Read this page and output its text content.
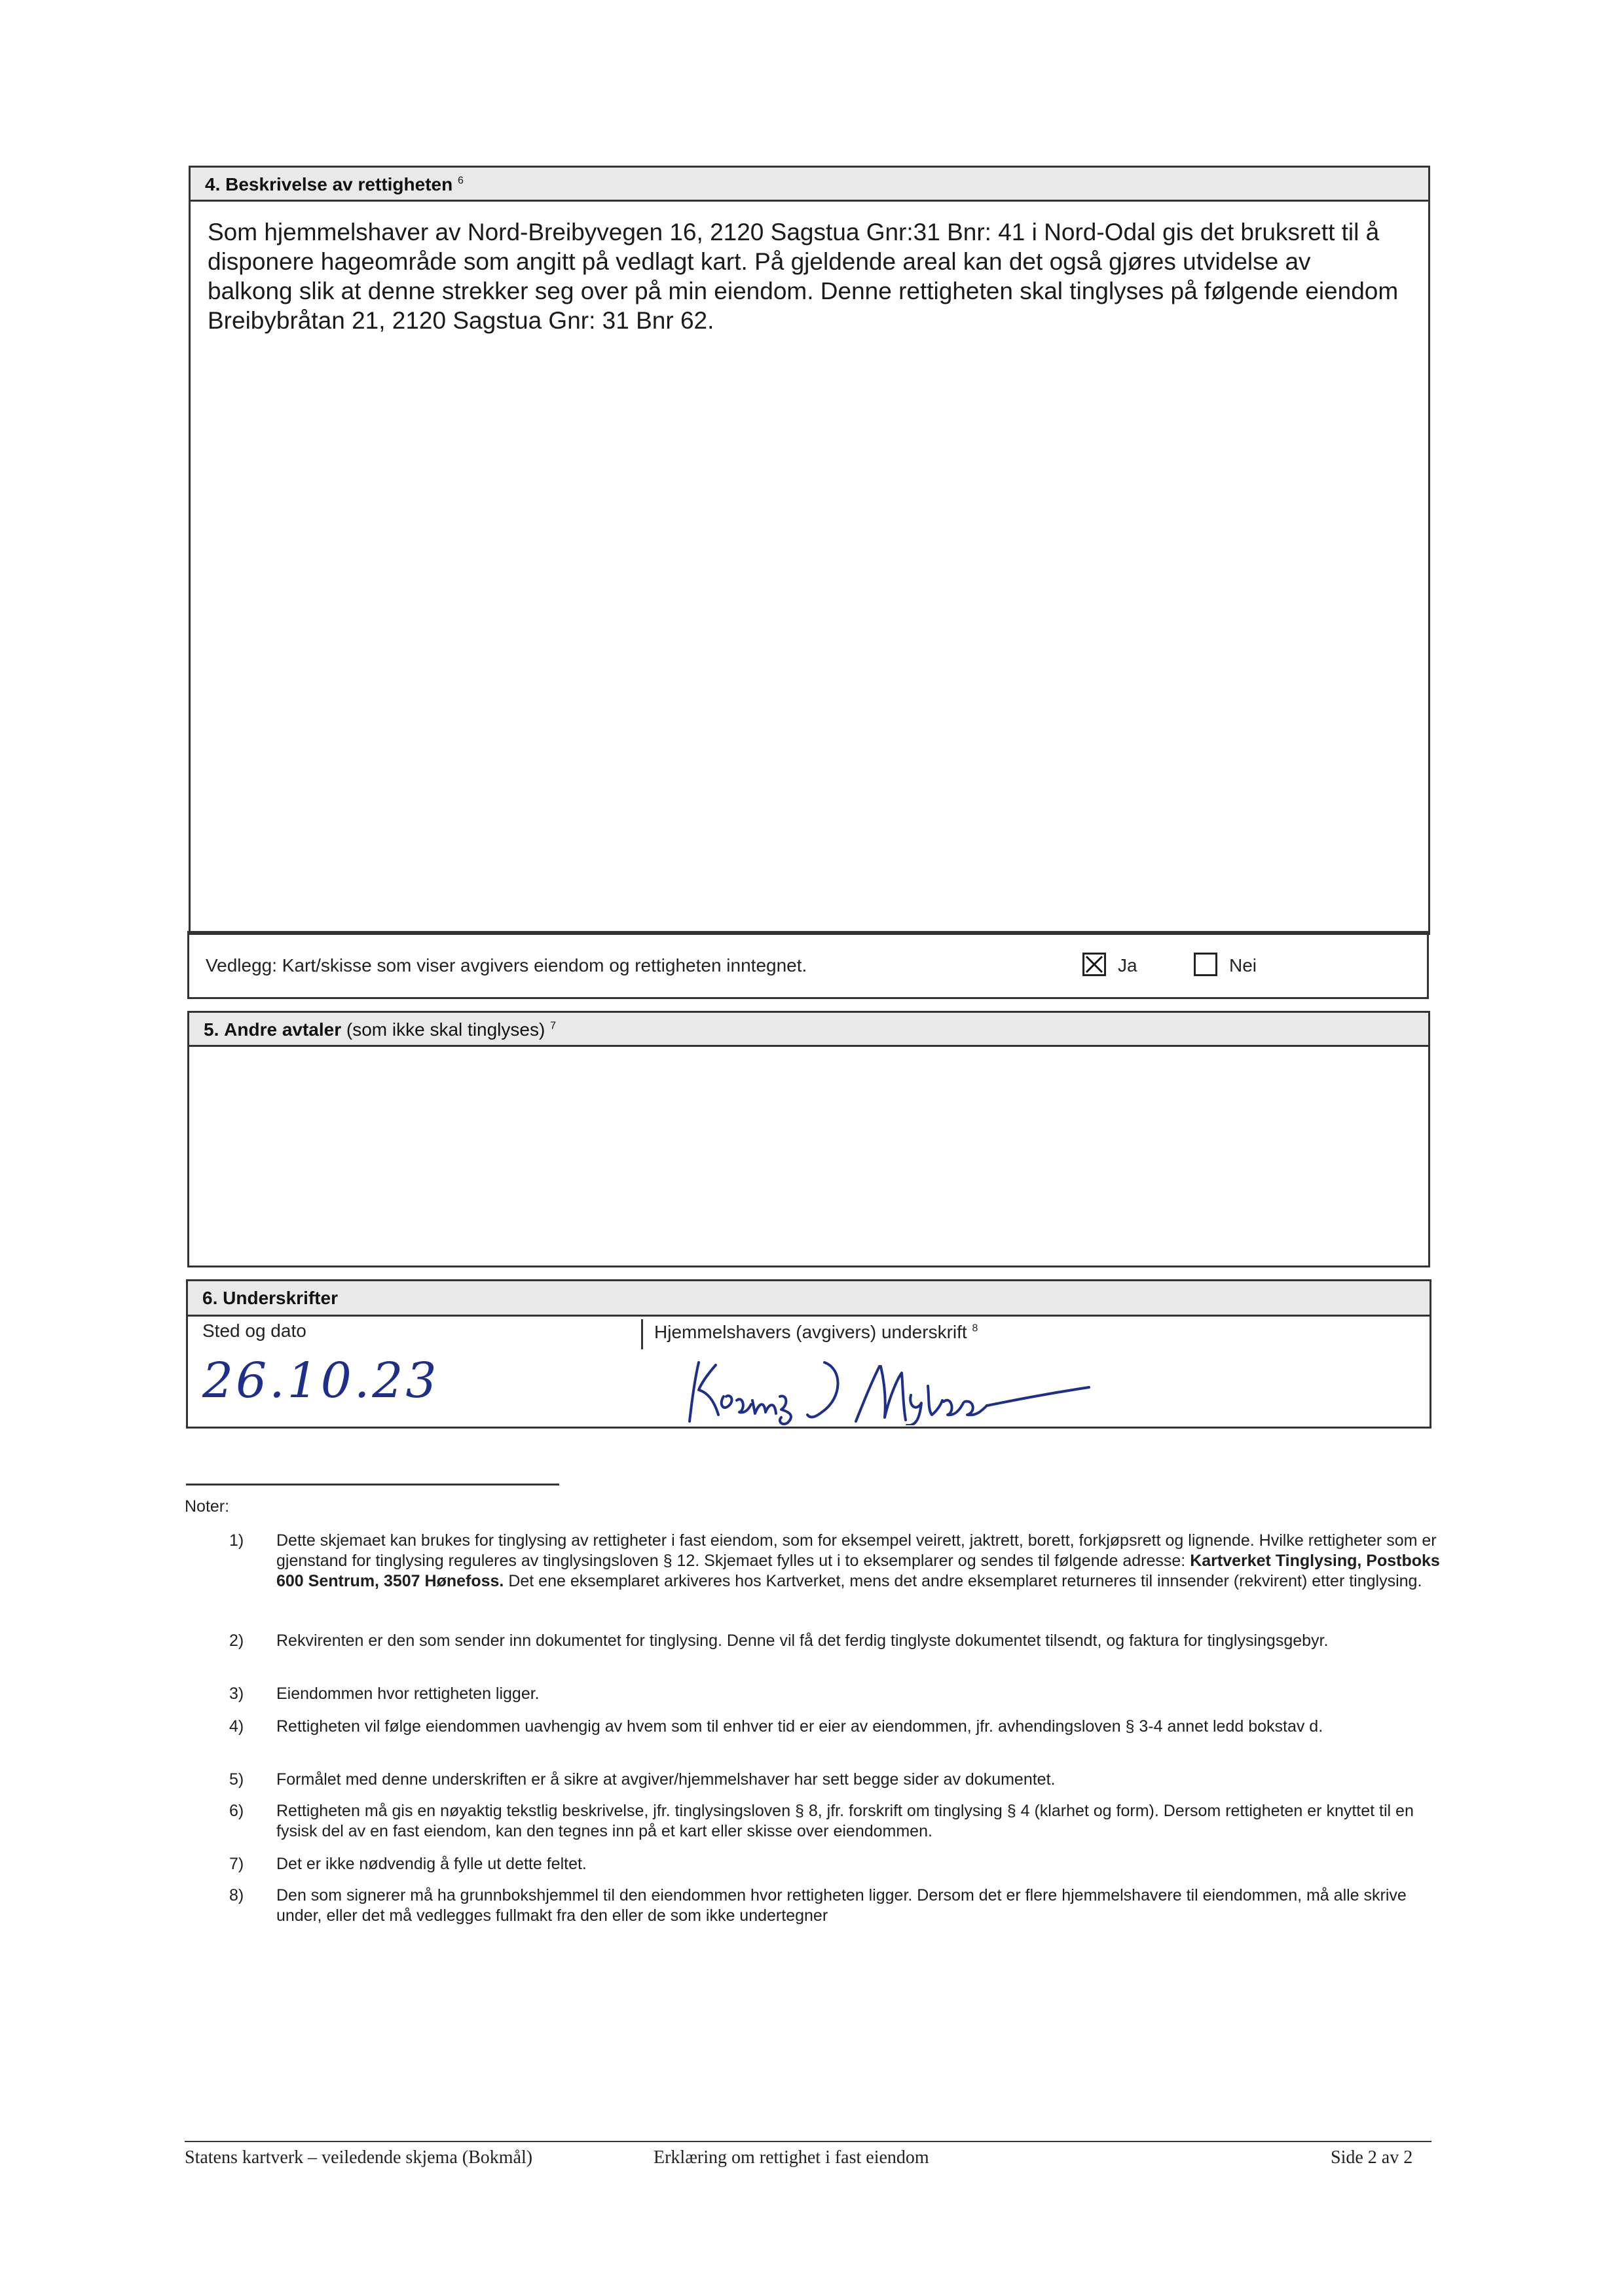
4. Beskrivelse av rettigheten $^6$
Som hjemmelshaver av Nord-Breibyvegen 16, 2120 Sagstua Gnr:31 Bnr: 41 i Nord-Odal gis det bruksrett til å disponere hageområde som angitt på vedlagt kart. På gjeldende areal kan det også gjøres utvidelse av balkong slik at denne strekker seg over på min eiendom. Denne rettigheten skal tinglyses på følgende eiendom Breibybråtan 21, 2120 Sagstua Gnr: 31 Bnr 62.
Vedlegg: Kart/skisse som viser avgivers eiendom og rettigheten inntegnet.	Ja	Nei
5. Andre avtaler (som ikke skal tinglyses) $^7$
6. Underskrifter
Sted og dato	Hjemmelshavers (avgivers) underskrift $^8$
26.10.23
Noter:
1)	Dette skjemaet kan brukes for tinglysing av rettigheter i fast eiendom, som for eksempel veirett, jaktrett, borett, forkjøpsrett og lignende. Hvilke rettigheter som er gjenstand for tinglysing reguleres av tinglysingsloven § 12. Skjemaet fylles ut i to eksemplarer og sendes til følgende adresse: Kartverket Tinglysing, Postboks 600 Sentrum, 3507 Hønefoss. Det ene eksemplaret arkiveres hos Kartverket, mens det andre eksemplaret returneres til innsender (rekvirent) etter tinglysing.
2)	Rekvirenten er den som sender inn dokumentet for tinglysing. Denne vil få det ferdig tinglyste dokumentet tilsendt, og faktura for tinglysingsgebyr.
3)	Eiendommen hvor rettigheten ligger.
4)	Rettigheten vil følge eiendommen uavhengig av hvem som til enhver tid er eier av eiendommen, jfr. avhendingsloven § 3-4 annet ledd bokstav d.
5)	Formålet med denne underskriften er å sikre at avgiver/hjemmelshaver har sett begge sider av dokumentet.
6)	Rettigheten må gis en nøyaktig tekstlig beskrivelse, jfr. tinglysingsloven § 8, jfr. forskrift om tinglysing § 4 (klarhet og form). Dersom rettigheten er knyttet til en fysisk del av en fast eiendom, kan den tegnes inn på et kart eller skisse over eiendommen.
7)	Det er ikke nødvendig å fylle ut dette feltet.
8)	Den som signerer må ha grunnbokshjemmel til den eiendommen hvor rettigheten ligger. Dersom det er flere hjemmelshavere til eiendommen, må alle skrive under, eller det må vedlegges fullmakt fra den eller de som ikke undertegner
Statens kartverk – veiledende skjema (Bokmål)	Erklæring om rettighet i fast eiendom	Side 2 av 2
